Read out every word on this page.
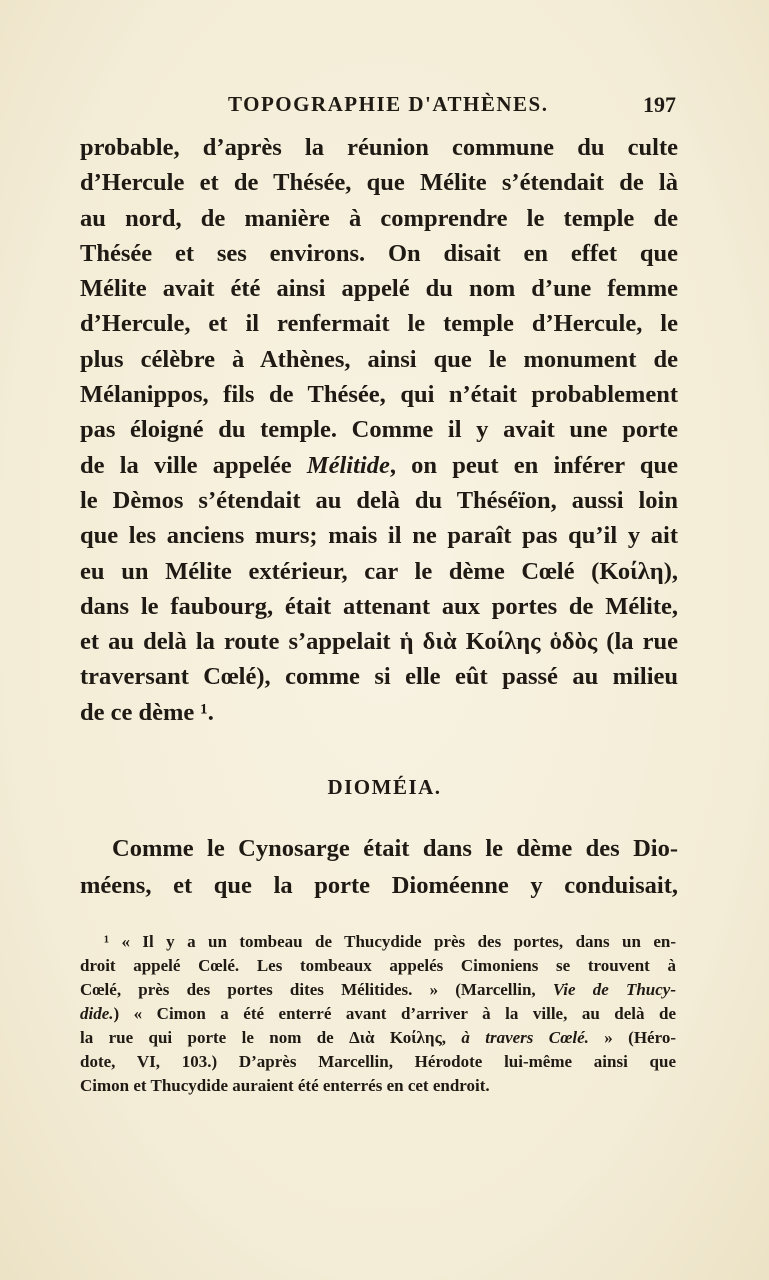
TOPOGRAPHIE D'ATHÈNES.	197
probable, d’après la réunion commune du culte
d’Hercule et de Thésée, que Mélite s’étendait de là
au nord, de manière à comprendre le temple de
Thésée et ses environs. On disait en effet que
Mélite avait été ainsi appelé du nom d’une femme
d’Hercule, et il renfermait le temple d’Hercule, le
plus célèbre à Athènes, ainsi que le monument de
Mélanippos, fils de Thésée, qui n’était probablement
pas éloigné du temple. Comme il y avait une porte
de la ville appelée Mélitide, on peut en inférer que
le Dèmos s’étendait au delà du Théséïon, aussi loin
que les anciens murs; mais il ne paraît pas qu’il y ait
eu un Mélite extérieur, car le dème Cœlé (Κοίλη),
dans le faubourg, était attenant aux portes de Mélite,
et au delà la route s’appelait ἡ διὰ Κοίλης ὁδὸς (la rue
traversant Cœlé), comme si elle eût passé au milieu
de ce dème ¹.
DIOMÉIA.
Comme le Cynosarge était dans le dème des Dio-
méens, et que la porte Dioméenne y conduisait,
¹ « Il y a un tombeau de Thucydide près des portes, dans un en-
droit appelé Cœlé. Les tombeaux appelés Cimoniens se trouvent à
Cœlé, près des portes dites Mélitides. » (Marcellin, Vie de Thucy-
dide.) « Cimon a été enterré avant d’arriver à la ville, au delà de
la rue qui porte le nom de Διὰ Κοίλης, à travers Cœlé. » (Héro-
dote, VI, 103.) D’après Marcellin, Hérodote lui-même ainsi que
Cimon et Thucydide auraient été enterrés en cet endroit.
